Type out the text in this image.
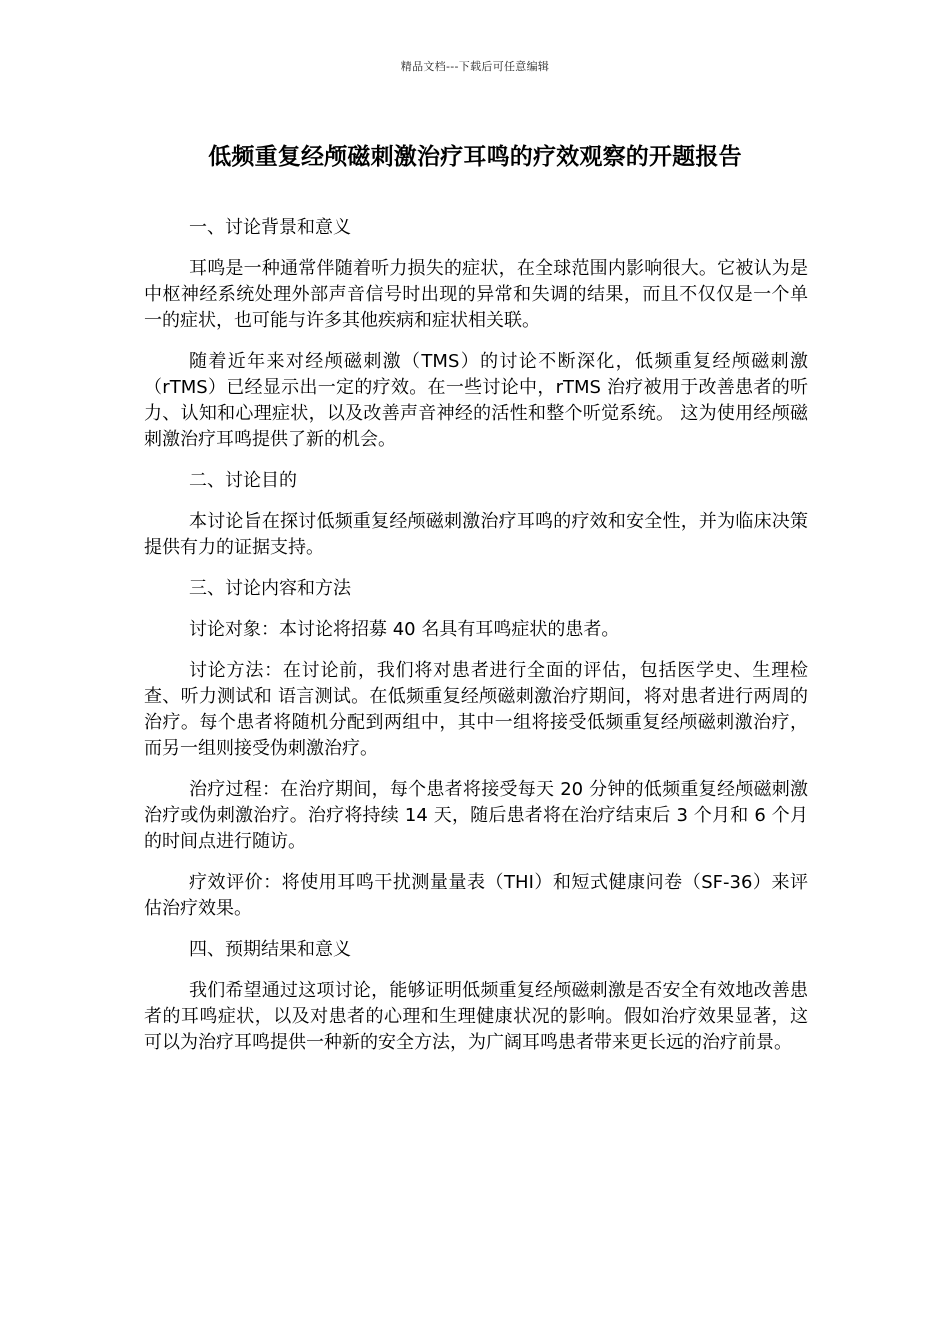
精品文档---下载后可任意编辑
低频重复经颅磁刺激治疗耳鸣的疗效观察的开题报告

一、讨论背景和意义

耳鸣是一种通常伴随着听力损失的症状，在全球范围内影响很大。它被认为是中枢神经系统处理外部声音信号时出现的异常和失调的结果，而且不仅仅是一个单一的症状，也可能与许多其他疾病和症状相关联。

随着近年来对经颅磁刺激（TMS）的讨论不断深化，低频重复经颅磁刺激（rTMS）已经显示出一定的疗效。在一些讨论中，rTMS 治疗被用于改善患者的听力、认知和心理症状，以及改善声音神经的活性和整个听觉系统。 这为使用经颅磁刺激治疗耳鸣提供了新的机会。

二、讨论目的

本讨论旨在探讨低频重复经颅磁刺激治疗耳鸣的疗效和安全性，并为临床决策提供有力的证据支持。

三、讨论内容和方法

讨论对象：本讨论将招募 40 名具有耳鸣症状的患者。

讨论方法：在讨论前，我们将对患者进行全面的评估，包括医学史、生理检查、听力测试和 语言测试。在低频重复经颅磁刺激治疗期间，将对患者进行两周的治疗。每个患者将随机分配到两组中，其中一组将接受低频重复经颅磁刺激治疗，而另一组则接受伪刺激治疗。

治疗过程：在治疗期间，每个患者将接受每天 20 分钟的低频重复经颅磁刺激治疗或伪刺激治疗。治疗将持续 14 天，随后患者将在治疗结束后 3 个月和 6 个月的时间点进行随访。

疗效评价：将使用耳鸣干扰测量量表（THI）和短式健康问卷（SF-36）来评估治疗效果。

四、预期结果和意义

我们希望通过这项讨论，能够证明低频重复经颅磁刺激是否安全有效地改善患者的耳鸣症状，以及对患者的心理和生理健康状况的影响。假如治疗效果显著，这可以为治疗耳鸣提供一种新的安全方法，为广阔耳鸣患者带来更长远的治疗前景。
